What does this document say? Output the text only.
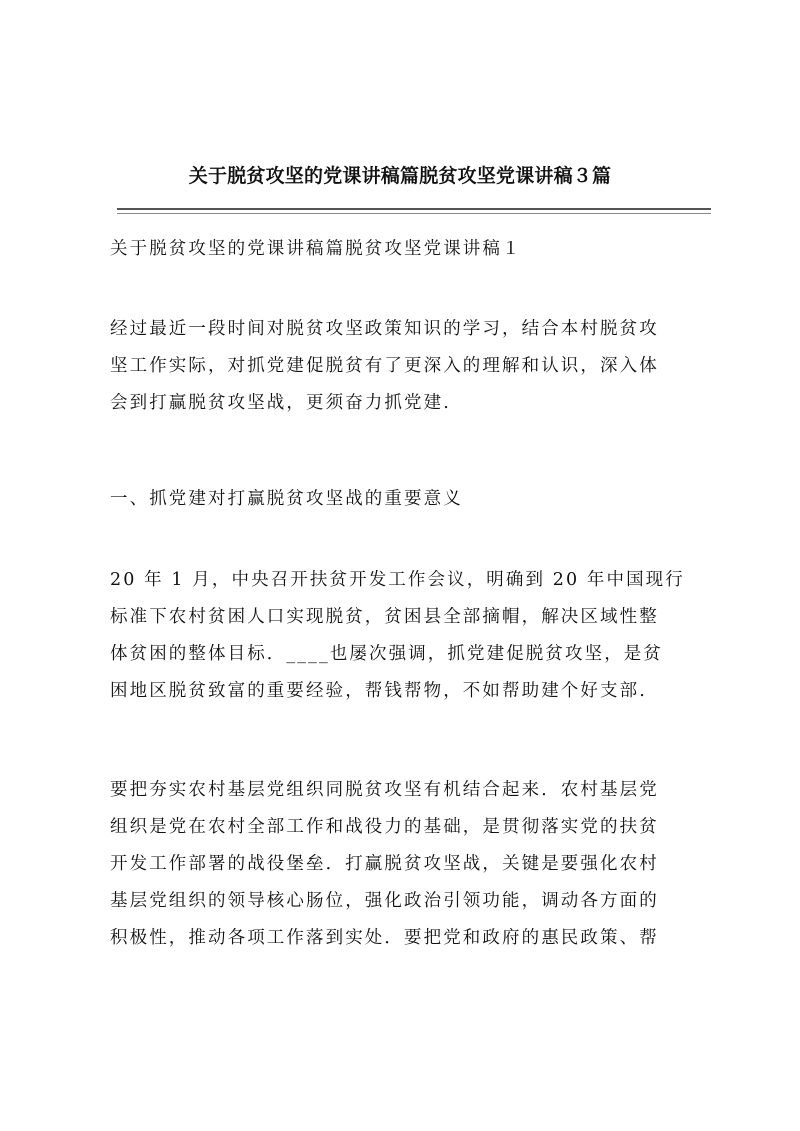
关于脱贫攻坚的党课讲稿篇脱贫攻坚党课讲稿３篇

关于脱贫攻坚的党课讲稿篇脱贫攻坚党课讲稿１

经过最近一段时间对脱贫攻坚政策知识的学习，结合本村脱贫攻
坚工作实际，对抓党建促脱贫有了更深入的理解和认识，深入体
会到打赢脱贫攻坚战，更须奋力抓党建.

一、抓党建对打赢脱贫攻坚战的重要意义

20 年 1 月，中央召开扶贫开发工作会议，明确到 20 年中国现行
标准下农村贫困人口实现脱贫，贫困县全部摘帽，解决区域性整
体贫困的整体目标．____也屡次强调，抓党建促脱贫攻坚，是贫
困地区脱贫致富的重要经验，帮钱帮物，不如帮助建个好支部.

要把夯实农村基层党组织同脱贫攻坚有机结合起来．农村基层党
组织是党在农村全部工作和战役力的基础，是贯彻落实党的扶贫
开发工作部署的战役堡垒．打赢脱贫攻坚战，关键是要强化农村
基层党组织的领导核心肠位，强化政治引领功能，调动各方面的
积极性，推动各项工作落到实处．要把党和政府的惠民政策、帮
